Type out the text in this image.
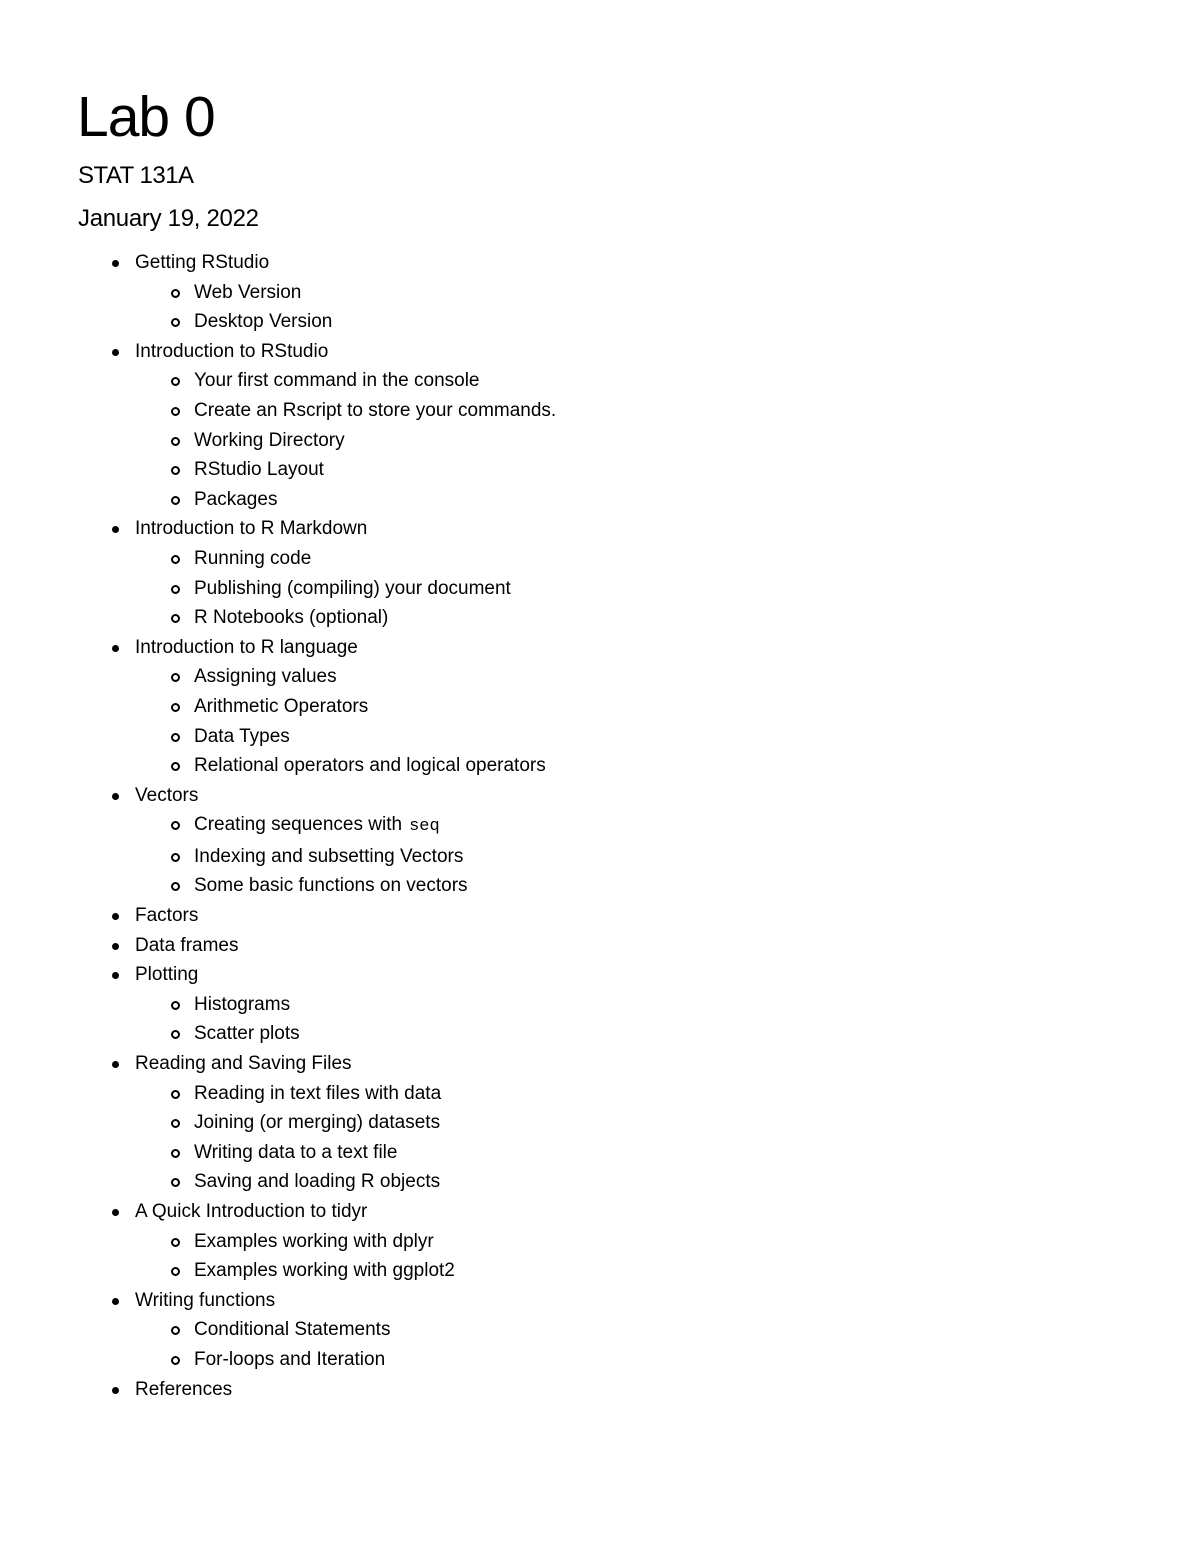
Lab 0
STAT 131A
January 19, 2022
Getting RStudio
Web Version
Desktop Version
Introduction to RStudio
Your first command in the console
Create an Rscript to store your commands.
Working Directory
RStudio Layout
Packages
Introduction to R Markdown
Running code
Publishing (compiling) your document
R Notebooks (optional)
Introduction to R language
Assigning values
Arithmetic Operators
Data Types
Relational operators and logical operators
Vectors
Creating sequences with seq
Indexing and subsetting Vectors
Some basic functions on vectors
Factors
Data frames
Plotting
Histograms
Scatter plots
Reading and Saving Files
Reading in text files with data
Joining (or merging) datasets
Writing data to a text file
Saving and loading R objects
A Quick Introduction to tidyr
Examples working with dplyr
Examples working with ggplot2
Writing functions
Conditional Statements
For-loops and Iteration
References
